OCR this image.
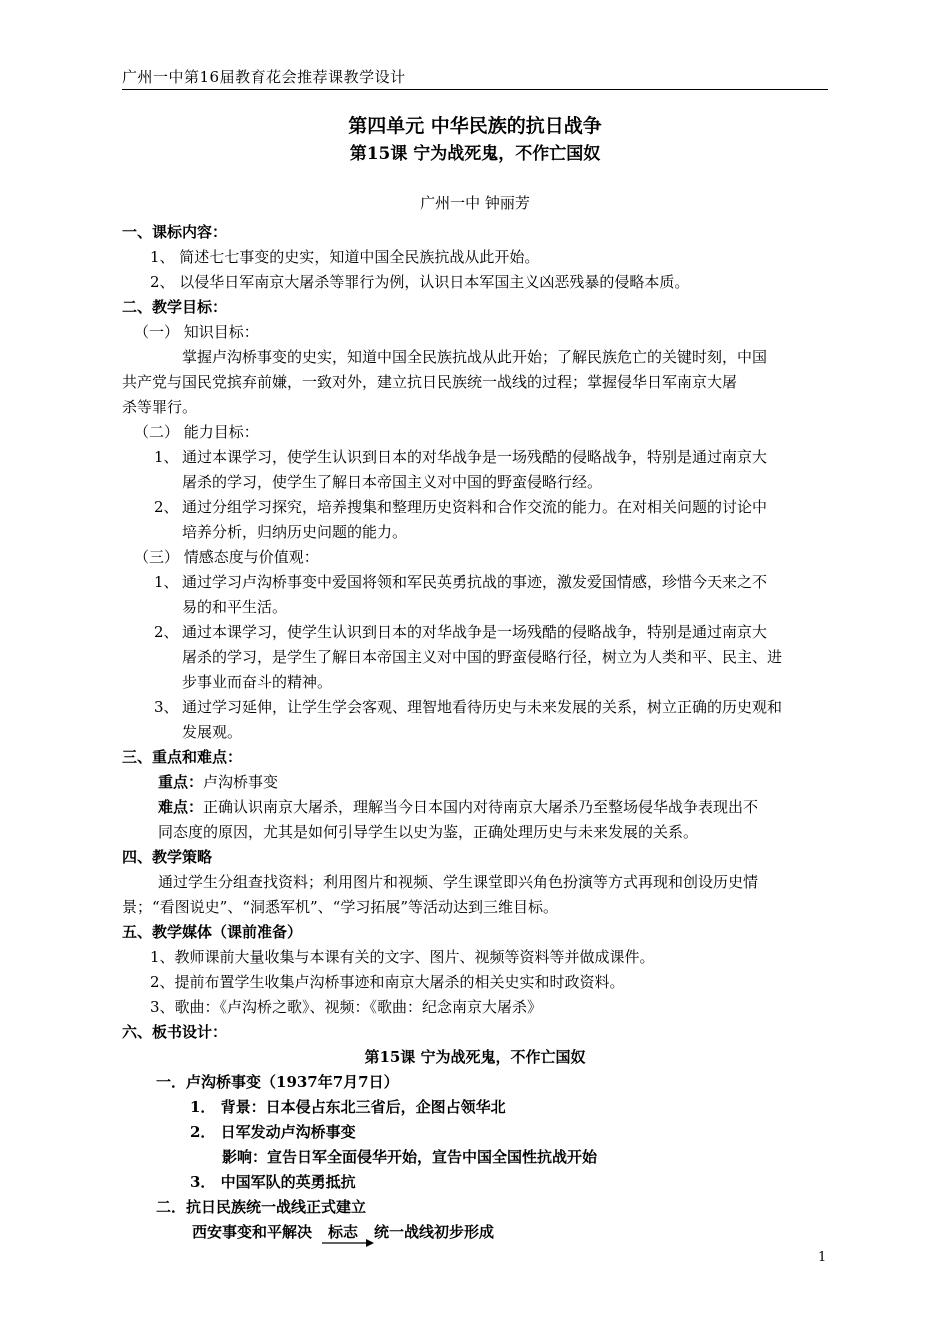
广州一中第16届教育花会推荐课教学设计
第四单元 中华民族的抗日战争
第15课 宁为战死鬼，不作亡国奴
广州一中 钟丽芳
一、课标内容：
1、 简述七七事变的史实，知道中国全民族抗战从此开始。
2、 以侵华日军南京大屠杀等罪行为例，认识日本军国主义凶恶残暴的侵略本质。
二、教学目标：
（一） 知识目标：
掌握卢沟桥事变的史实，知道中国全民族抗战从此开始；了解民族危亡的关键时刻，中国
共产党与国民党摈弃前嫌，一致对外，建立抗日民族统一战线的过程；掌握侵华日军南京大屠
杀等罪行。
（二） 能力目标：
1、 通过本课学习，使学生认识到日本的对华战争是一场残酷的侵略战争，特别是通过南京大
屠杀的学习，使学生了解日本帝国主义对中国的野蛮侵略行经。
2、 通过分组学习探究，培养搜集和整理历史资料和合作交流的能力。在对相关问题的讨论中
培养分析，归纳历史问题的能力。
（三） 情感态度与价值观：
1、 通过学习卢沟桥事变中爱国将领和军民英勇抗战的事迹，激发爱国情感，珍惜今天来之不
易的和平生活。
2、 通过本课学习，使学生认识到日本的对华战争是一场残酷的侵略战争，特别是通过南京大
屠杀的学习，是学生了解日本帝国主义对中国的野蛮侵略行径，树立为人类和平、民主、进
步事业而奋斗的精神。
3、 通过学习延伸，让学生学会客观、理智地看待历史与未来发展的关系，树立正确的历史观和
发展观。
三、重点和难点：
重点：卢沟桥事变
难点：正确认识南京大屠杀，理解当今日本国内对待南京大屠杀乃至整场侵华战争表现出不
同态度的原因，尤其是如何引导学生以史为鉴，正确处理历史与未来发展的关系。
四、教学策略
通过学生分组查找资料；利用图片和视频、学生课堂即兴角色扮演等方式再现和创设历史情
景；“看图说史”、“洞悉军机”、“学习拓展”等活动达到三维目标。
五、教学媒体（课前准备）
1、教师课前大量收集与本课有关的文字、图片、视频等资料等并做成课件。
2、提前布置学生收集卢沟桥事迹和南京大屠杀的相关史实和时政资料。
3、歌曲：《卢沟桥之歌》、视频：《歌曲：纪念南京大屠杀》
六、板书设计：
第15课 宁为战死鬼，不作亡国奴
一．卢沟桥事变（1937年7月7日）
1． 背景：日本侵占东北三省后，企图占领华北
2． 日军发动卢沟桥事变
影响：宣告日军全面侵华开始，宣告中国全国性抗战开始
3． 中国军队的英勇抵抗
二．抗日民族统一战线正式建立
西安事变和平解决 标志 统一战线初步形成
1
